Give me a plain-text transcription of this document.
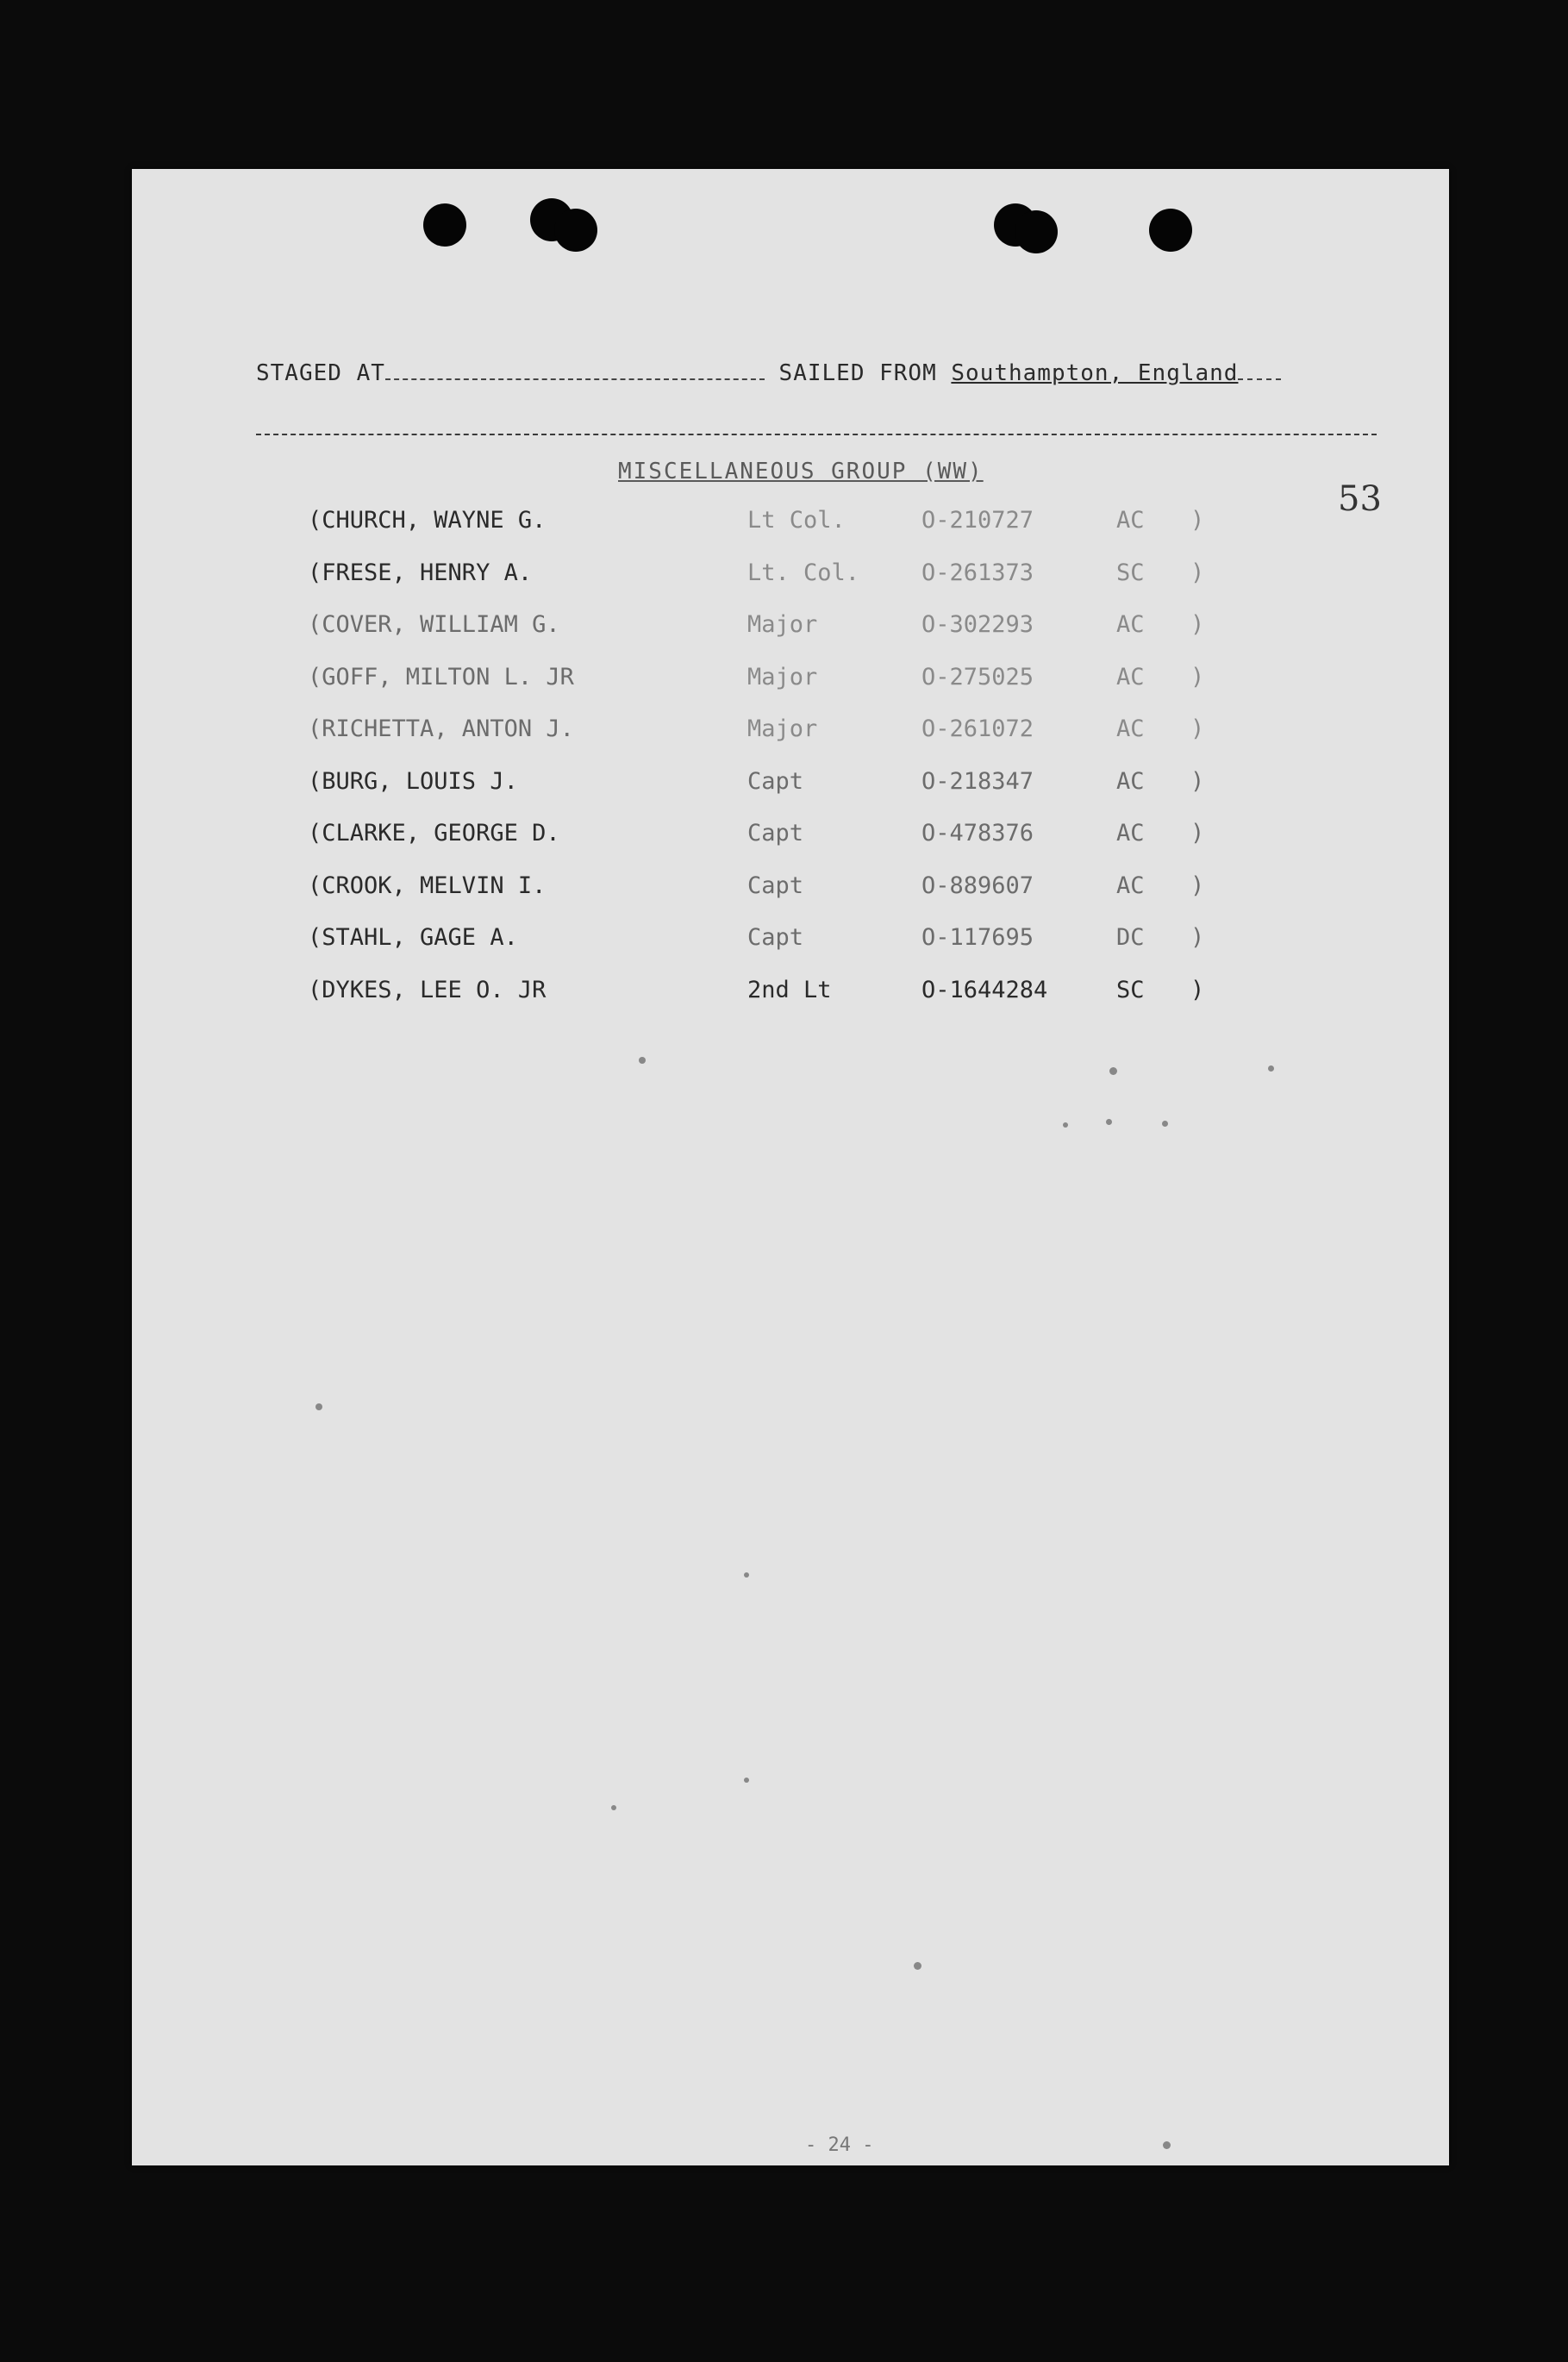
STAGED AT	SAILED FROM Southampton, England
MISCELLANEOUS GROUP (WW)
53
(CHURCH, WAYNE G.	Lt Col.	O-210727	AC )
(FRESE, HENRY A.	Lt. Col.	O-261373	SC )
(COVER, WILLIAM G.	Major	O-302293	AC )
(GOFF, MILTON L. JR	Major	O-275025	AC )
(RICHETTA, ANTON J.	Major	O-261072	AC )
(BURG, LOUIS J.	Capt	O-218347	AC )
(CLARKE, GEORGE D.	Capt	O-478376	AC )
(CROOK, MELVIN I.	Capt	O-889607	AC )
(STAHL, GAGE A.	Capt	O-117695	DC )
(DYKES, LEE O. JR	2nd Lt	O-1644284	SC )
- 24 -
